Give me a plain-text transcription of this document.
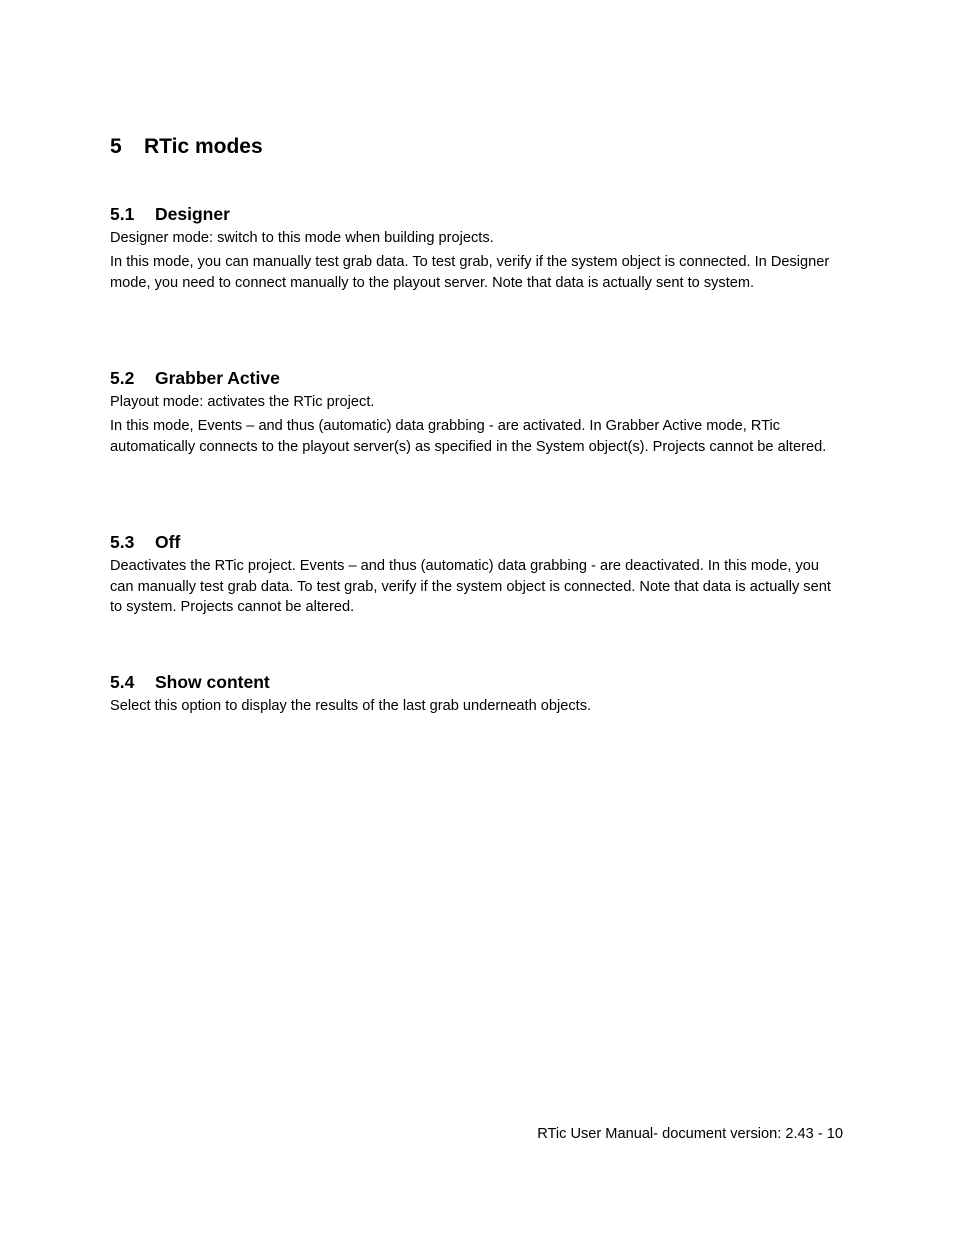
5 RTic modes
5.1 Designer

Designer mode: switch to this mode when building projects.

In this mode, you can manually test grab data. To test grab, verify if the system object is connected. In Designer mode, you need to connect manually to the playout server. Note that data is actually sent to system.

5.2 Grabber Active

Playout mode: activates the RTic project.

In this mode, Events – and thus (automatic) data grabbing - are activated. In Grabber Active mode, RTic automatically connects to the playout server(s) as specified in the System object(s). Projects cannot be altered.

5.3 Off

Deactivates the RTic project. Events – and thus (automatic) data grabbing - are deactivated. In this mode, you can manually test grab data. To test grab, verify if the system object is connected. Note that data is actually sent to system. Projects cannot be altered.

5.4 Show content

Select this option to display the results of the last grab underneath objects.

RTic User Manual- document version: 2.43 - 10
